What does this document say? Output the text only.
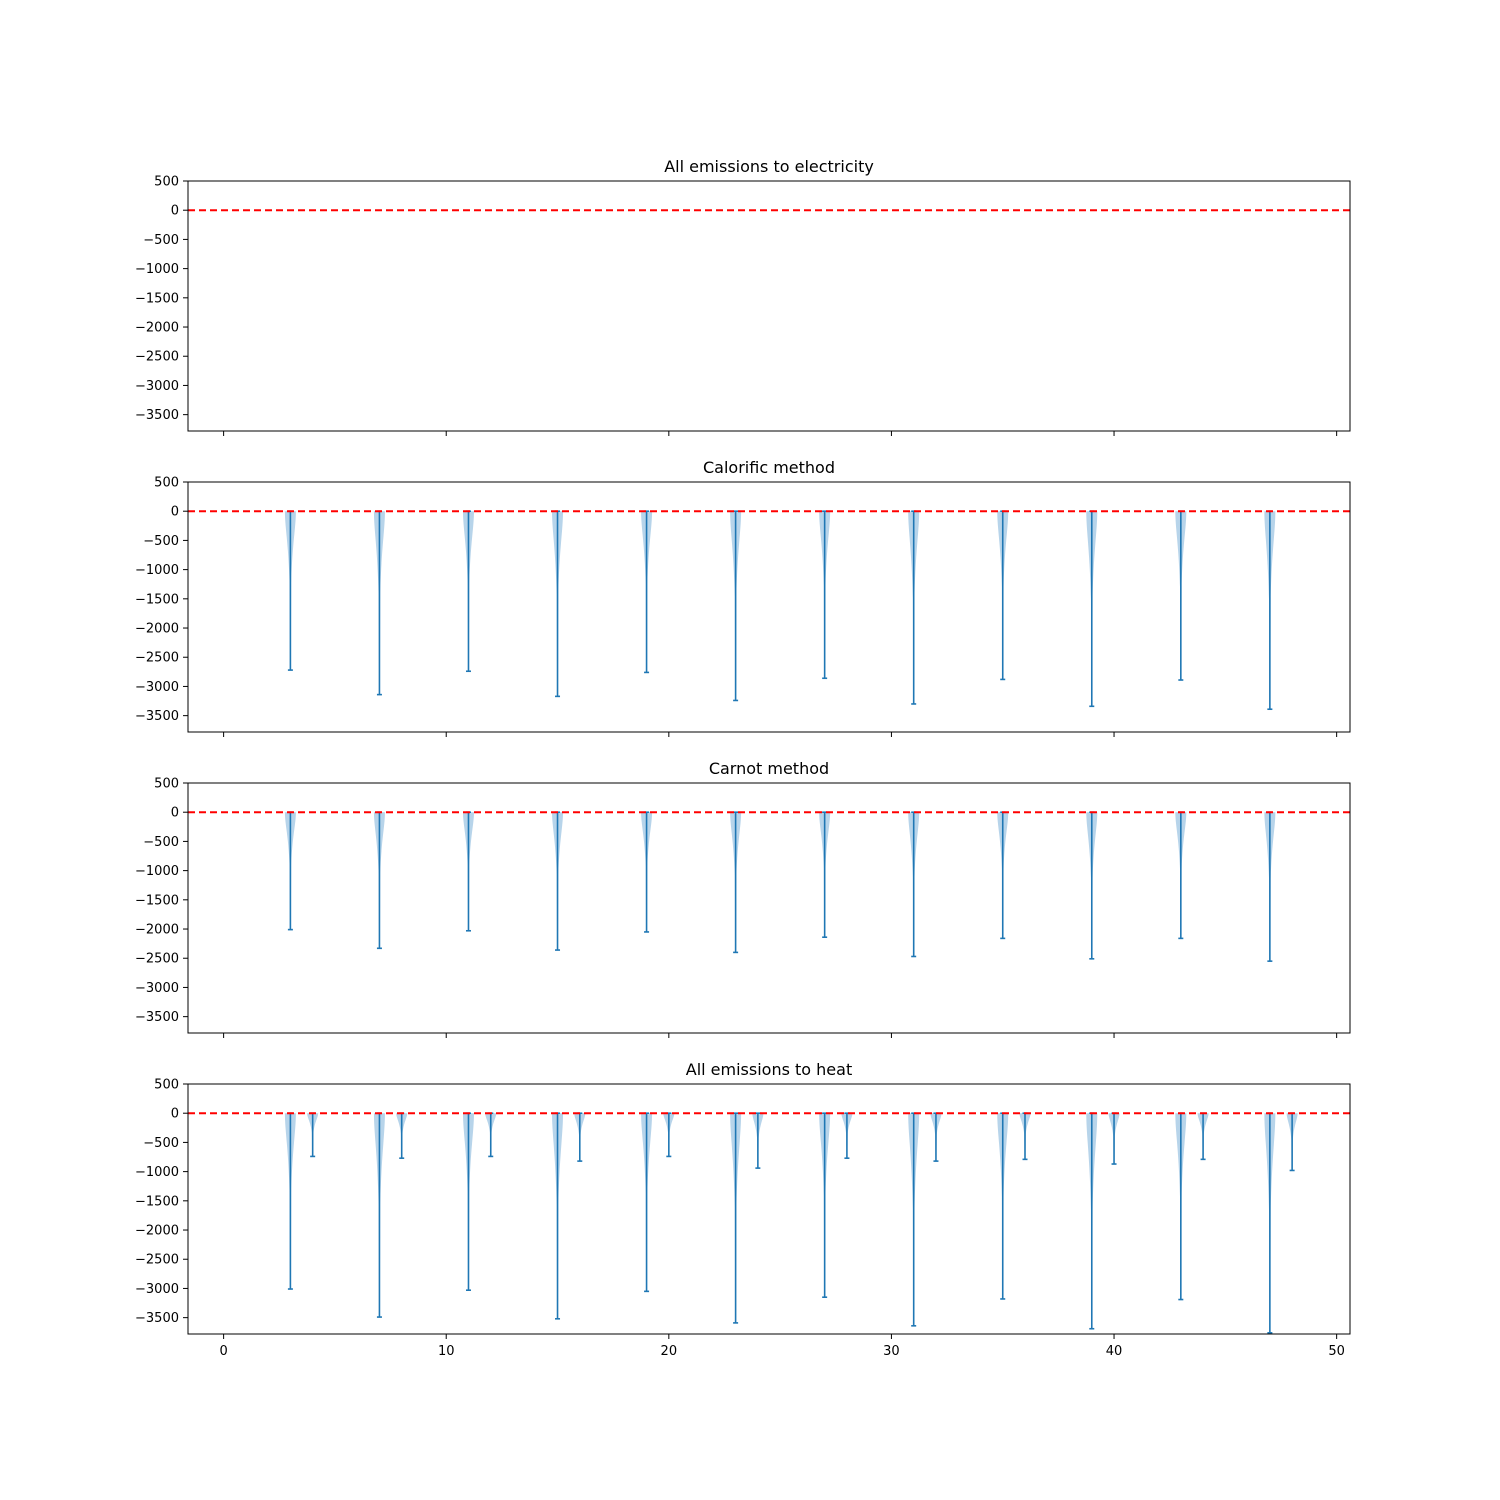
All emissions to electricity
500
0
−500
−1000
−1500
−2000
−2500
−3000
−3500
Calorific method
500
0
−500
−1000
−1500
−2000
−2500
−3000
−3500
Carnot method
500
0
−500
−1000
−1500
−2000
−2500
−3000
−3500
All emissions to heat
500
0
−500
−1000
−1500
−2000
−2500
−3000
−3500
0	10	20	30	40	50
